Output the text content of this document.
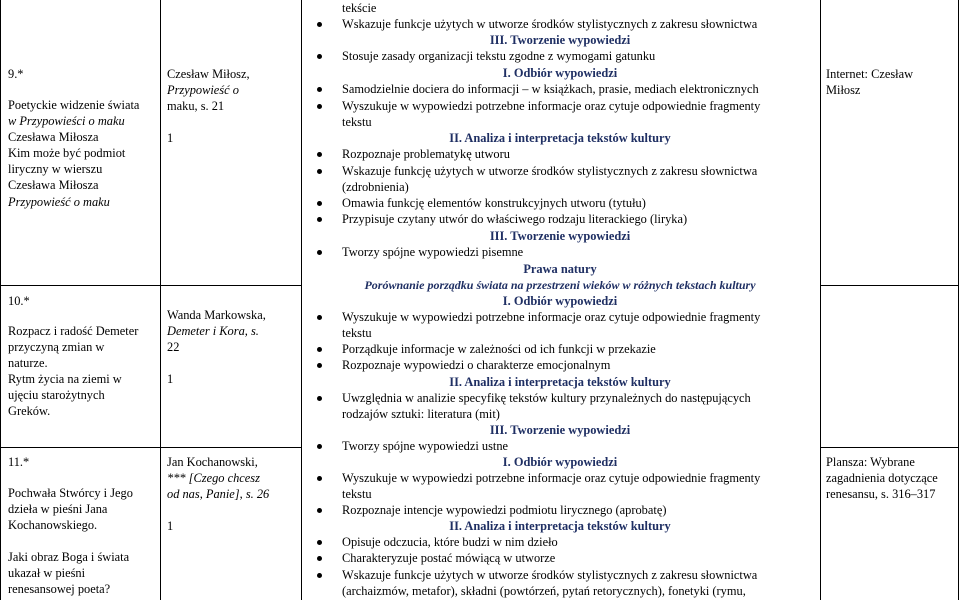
9.*
Poetyckie widzenie świata
w Przypowieści o maku
Czesława Miłosza
Kim może być podmiot
liryczny w wierszu
Czesława Miłosza
Przypowieść o maku
Czesław Miłosz,
Przypowieść o
maku, s. 21
1
Internet: Czesław
Miłosz
10.*
Rozpacz i radość Demeter
przyczyną zmian w
naturze.
Rytm życia na ziemi w
ujęciu starożytnych
Greków.
Wanda Markowska,
Demeter i Kora, s.
22
1
11.*
Pochwała Stwórcy i Jego
dzieła w pieśni Jana
Kochanowskiego.
Jaki obraz Boga i świata
ukazał w pieśni
renesansowej poeta?
Jan Kochanowski,
*** [Czego chcesz
od nas, Panie], s. 26
1
Plansza: Wybrane
zagadnienia dotyczące
renesansu, s. 316–317
tekście
Wskazuje funkcje użytych w utworze środków stylistycznych z zakresu słownictwa
III. Tworzenie wypowiedzi
Stosuje zasady organizacji tekstu zgodne z wymogami gatunku
I. Odbiór wypowiedzi
Samodzielnie dociera do informacji – w książkach, prasie, mediach elektronicznych
Wyszukuje w wypowiedzi potrzebne informacje oraz cytuje odpowiednie fragmenty
tekstu
II. Analiza i interpretacja tekstów kultury
Rozpoznaje problematykę utworu
Wskazuje funkcję użytych w utworze środków stylistycznych z zakresu słownictwa
(zdrobnienia)
Omawia funkcję elementów konstrukcyjnych utworu (tytułu)
Przypisuje czytany utwór do właściwego rodzaju literackiego (liryka)
III. Tworzenie wypowiedzi
Tworzy spójne wypowiedzi pisemne
Prawa natury
Porównanie porządku świata na przestrzeni wieków w różnych tekstach kultury
I. Odbiór wypowiedzi
Wyszukuje w wypowiedzi potrzebne informacje oraz cytuje odpowiednie fragmenty
tekstu
Porządkuje informacje w zależności od ich funkcji w przekazie
Rozpoznaje wypowiedzi o charakterze emocjonalnym
II. Analiza i interpretacja tekstów kultury
Uwzględnia w analizie specyfikę tekstów kultury przynależnych do następujących
rodzajów sztuki: literatura (mit)
III. Tworzenie wypowiedzi
Tworzy spójne wypowiedzi ustne
I. Odbiór wypowiedzi
Wyszukuje w wypowiedzi potrzebne informacje oraz cytuje odpowiednie fragmenty
tekstu
Rozpoznaje intencje wypowiedzi podmiotu lirycznego (aprobatę)
II. Analiza i interpretacja tekstów kultury
Opisuje odczucia, które budzi w nim dzieło
Charakteryzuje postać mówiącą w utworze
Wskazuje funkcje użytych w utworze środków stylistycznych z zakresu słownictwa
(archaizmów, metafor), składni (powtórzeń, pytań retorycznych), fonetyki (rymu,
